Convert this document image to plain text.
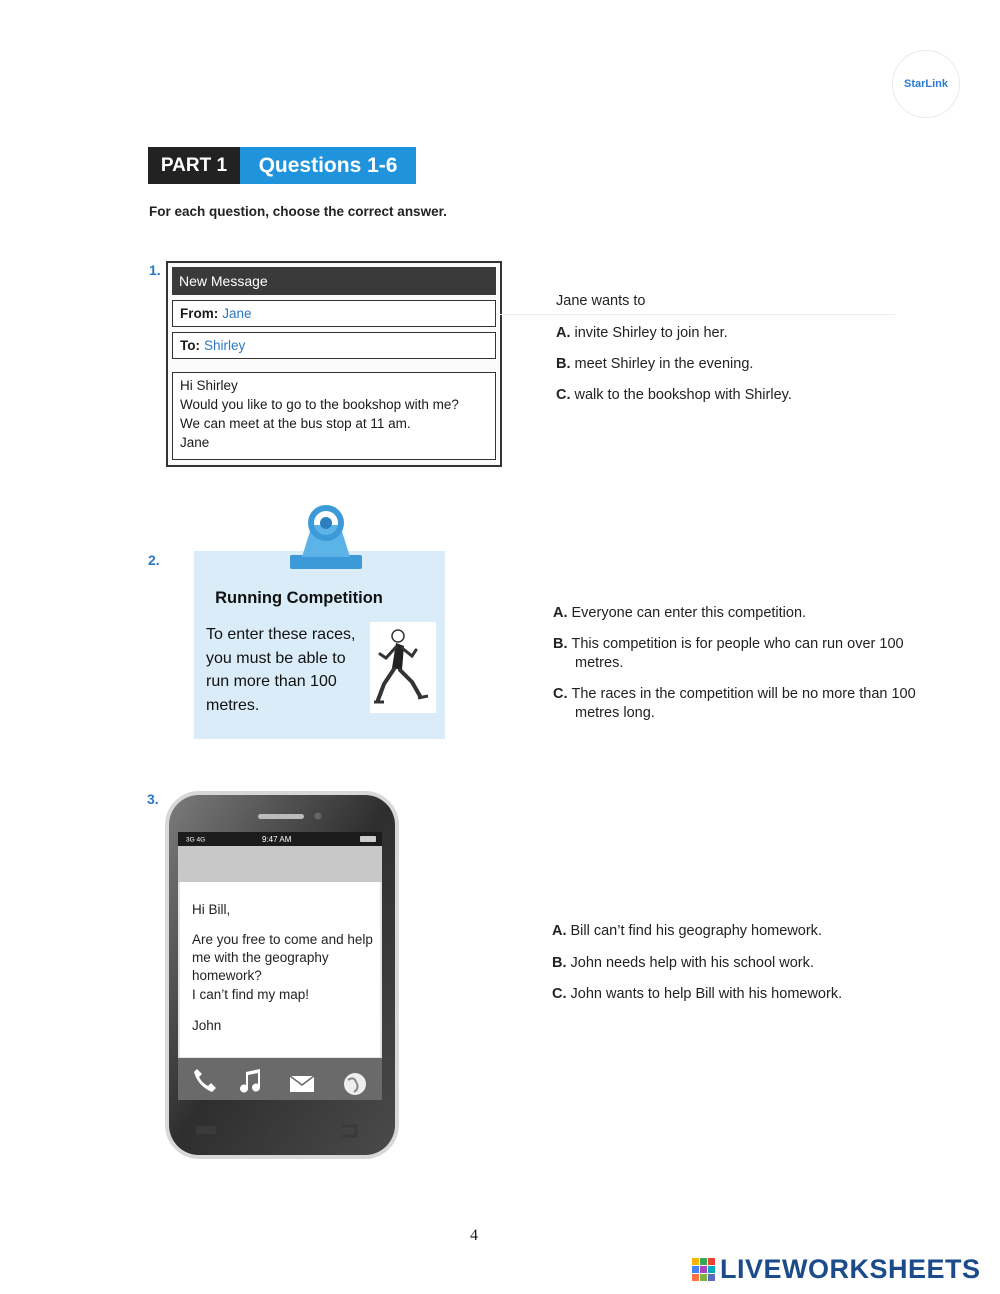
StarLink
PART 1	Questions 1-6
For each question, choose the correct answer.
1.
New Message
From: Jane
To: Shirley
Hi Shirley
Would you like to go to the bookshop with me?
We can meet at the bus stop at 11 am.
Jane
Jane wants to
A. invite Shirley to join her.
B. meet Shirley in the evening.
C. walk to the bookshop with Shirley.
2.
Running Competition
To enter these races, you must be able to run more than 100 metres.
A. Everyone can enter this competition.
B. This competition is for people who can run over 100 metres.
C. The races in the competition will be no more than 100 metres long.
3.
3G 4G	9:47 AM
Hi Bill,
Are you free to come and help me with the geography homework?
I can’t find my map!
John
A. Bill can’t find his geography homework.
B. John needs help with his school work.
C. John wants to help Bill with his homework.
4
LIVEWORKSHEETS
